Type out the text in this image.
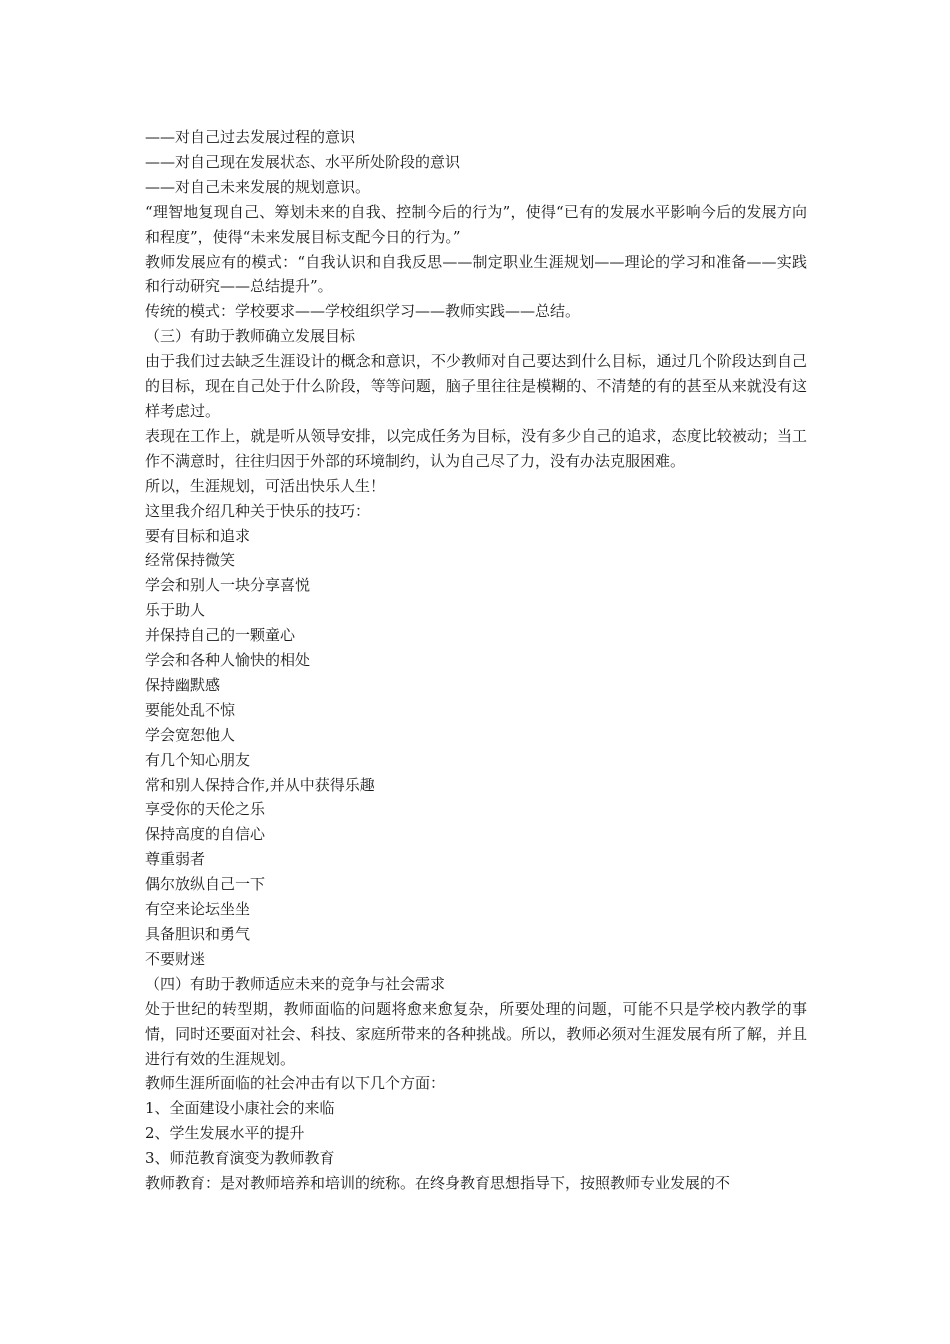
——对自己过去发展过程的意识

——对自己现在发展状态、水平所处阶段的意识

——对自己未来发展的规划意识。

“理智地复现自己、筹划未来的自我、控制今后的行为”，使得“已有的发展水平影响今后的发展方向和程度”，使得“未来发展目标支配今日的行为。”

教师发展应有的模式：“自我认识和自我反思——制定职业生涯规划——理论的学习和准备——实践和行动研究——总结提升”。

传统的模式：学校要求——学校组织学习——教师实践——总结。

（三）有助于教师确立发展目标

由于我们过去缺乏生涯设计的概念和意识，不少教师对自己要达到什么目标，通过几个阶段达到自己的目标，现在自己处于什么阶段，等等问题，脑子里往往是模糊的、不清楚的有的甚至从来就没有这样考虑过。

表现在工作上，就是听从领导安排，以完成任务为目标，没有多少自己的追求，态度比较被动；当工作不满意时，往往归因于外部的环境制约，认为自己尽了力，没有办法克服困难。

所以，生涯规划，可活出快乐人生！

这里我介绍几种关于快乐的技巧：

要有目标和追求

经常保持微笑

学会和别人一块分享喜悦

乐于助人

并保持自己的一颗童心

学会和各种人愉快的相处

保持幽默感

要能处乱不惊

学会宽恕他人

有几个知心朋友

常和别人保持合作,并从中获得乐趣

享受你的天伦之乐

保持高度的自信心

尊重弱者

偶尔放纵自己一下

有空来论坛坐坐

具备胆识和勇气

不要财迷

（四）有助于教师适应未来的竞争与社会需求

处于世纪的转型期，教师面临的问题将愈来愈复杂，所要处理的问题，可能不只是学校内教学的事情，同时还要面对社会、科技、家庭所带来的各种挑战。所以，教师必须对生涯发展有所了解，并且进行有效的生涯规划。

教师生涯所面临的社会冲击有以下几个方面：

1、全面建设小康社会的来临

2、学生发展水平的提升

3、师范教育演变为教师教育

教师教育：是对教师培养和培训的统称。在终身教育思想指导下，按照教师专业发展的不
